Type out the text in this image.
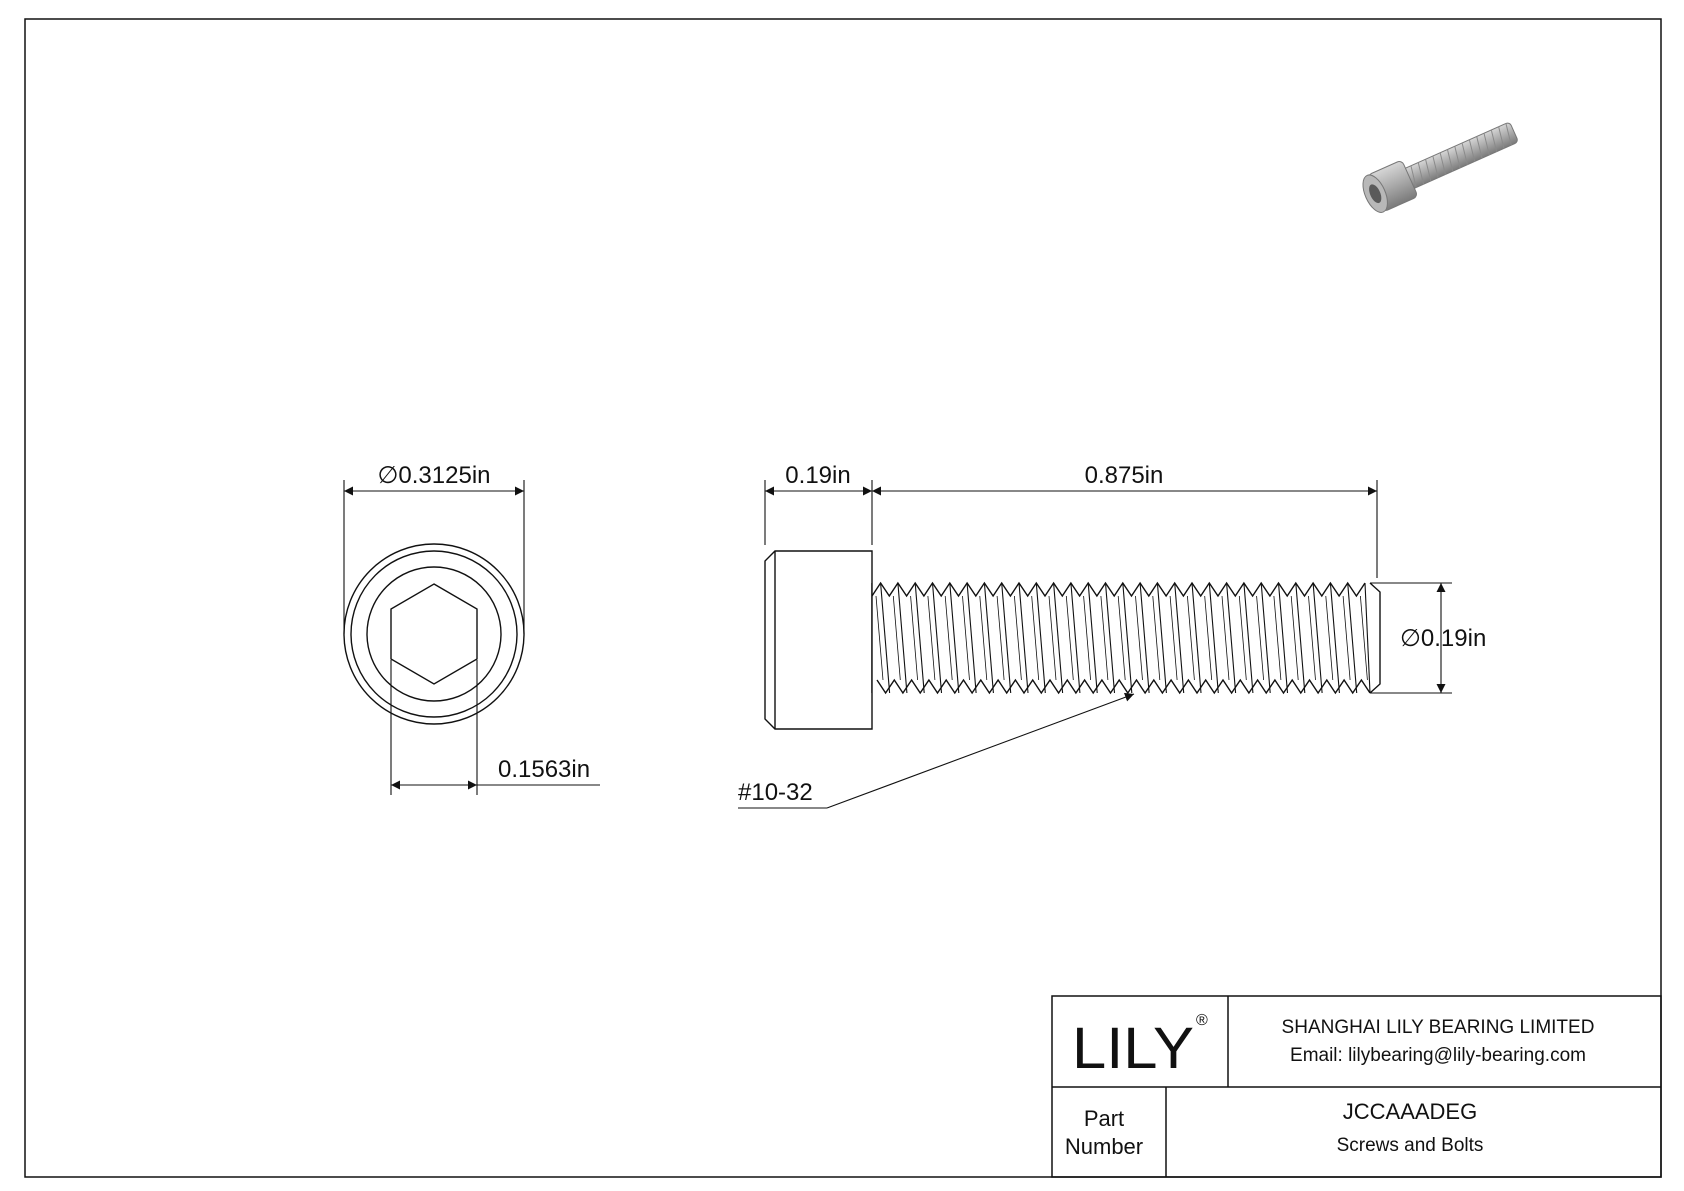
∅0.3125in
0.1563in
0.19in	0.875in
∅0.19in
#10-32
LILY ®	SHANGHAI LILY BEARING LIMITED
Email: lilybearing@lily-bearing.com
Part
Number
JCCAAADEG
Screws and Bolts
